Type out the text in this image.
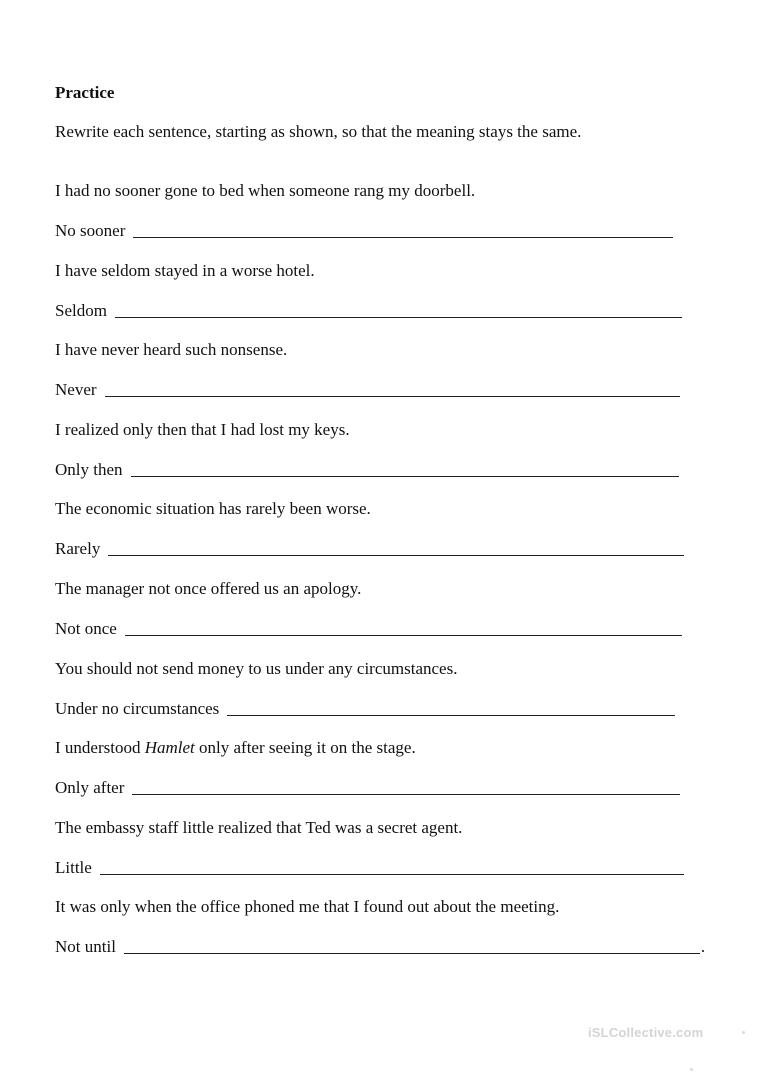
Practice

Rewrite each sentence, starting as shown, so that the meaning stays the same.

I had no sooner gone to bed when someone rang my doorbell.
No sooner
I have seldom stayed in a worse hotel.
Seldom
I have never heard such nonsense.
Never
I realized only then that I had lost my keys.
Only then
The economic situation has rarely been worse.
Rarely
The manager not once offered us an apology.
Not once
You should not send money to us under any circumstances.
Under no circumstances
I understood Hamlet only after seeing it on the stage.
Only after
The embassy staff little realized that Ted was a secret agent.
Little
It was only when the office phoned me that I found out about the meeting.
Not until	.
iSLCollective.com
